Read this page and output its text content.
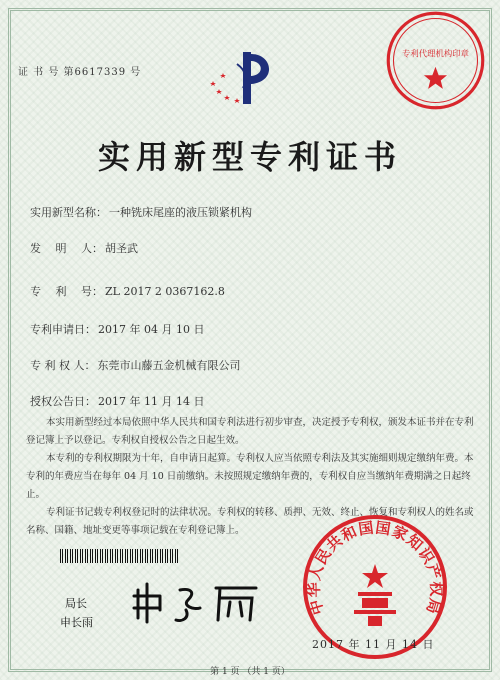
证 书 号 第6617339 号
专利代理机构印章
实用新型专利证书
实用新型名称： 一种铣床尾座的液压锁紧机构
发　 明　 人： 胡圣武
专　 利　 号： ZL 2017 2 0367162.8
专利申请日： 2017 年 04 月 10 日
专 利 权 人： 东莞市山藤五金机械有限公司
授权公告日： 2017 年 11 月 14 日

本实用新型经过本局依照中华人民共和国专利法进行初步审查，决定授予专利权，颁发本证书并在专利登记簿上予以登记。专利权自授权公告之日起生效。

本专利的专利权期限为十年，自申请日起算。专利权人应当依照专利法及其实施细则规定缴纳年费。本专利的年费应当在每年 04 月 10 日前缴纳。未按照规定缴纳年费的，专利权自应当缴纳年费期满之日起终止。

专利证书记载专利权登记时的法律状况。专利权的转移、质押、无效、终止、恢复和专利权人的姓名或名称、国籍、地址变更等事项记载在专利登记簿上。

局长
申长雨
中华人民共和国国家知识产权局
2017 年 11 月 14 日
第 1 页 （共 1 页）
